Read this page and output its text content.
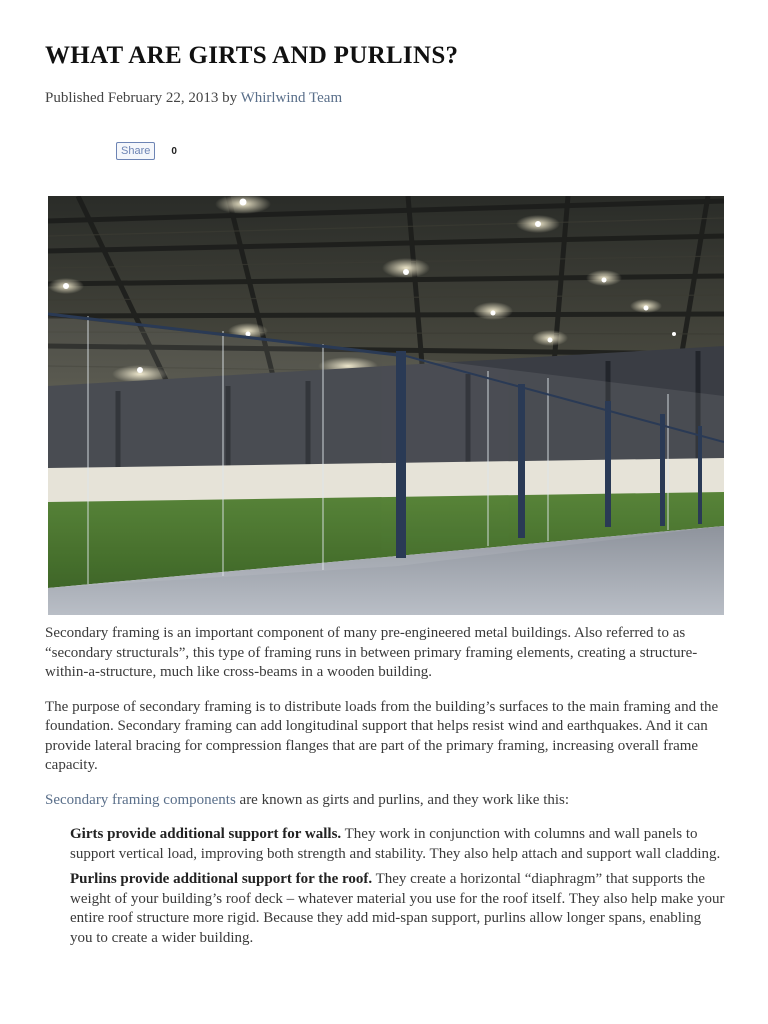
WHAT ARE GIRTS AND PURLINS?
Published February 22, 2013 by Whirlwind Team
Share	0

Secondary framing is an important component of many pre-engineered metal buildings. Also referred to as “secondary structurals”, this type of framing runs in between primary framing elements, creating a structure-within-a-structure, much like cross-beams in a wooden building.

The purpose of secondary framing is to distribute loads from the building’s surfaces to the main framing and the foundation. Secondary framing can add longitudinal support that helps resist wind and earthquakes. And it can provide lateral bracing for compression flanges that are part of the primary framing, increasing overall frame capacity.

Secondary framing components are known as girts and purlins, and they work like this:

Girts provide additional support for walls. They work in conjunction with columns and wall panels to support vertical load, improving both strength and stability. They also help attach and support wall cladding.
Purlins provide additional support for the roof. They create a horizontal “diaphragm” that supports the weight of your building’s roof deck – whatever material you use for the roof itself. They also help make your entire roof structure more rigid. Because they add mid-span support, purlins allow longer spans, enabling you to create a wider building.
